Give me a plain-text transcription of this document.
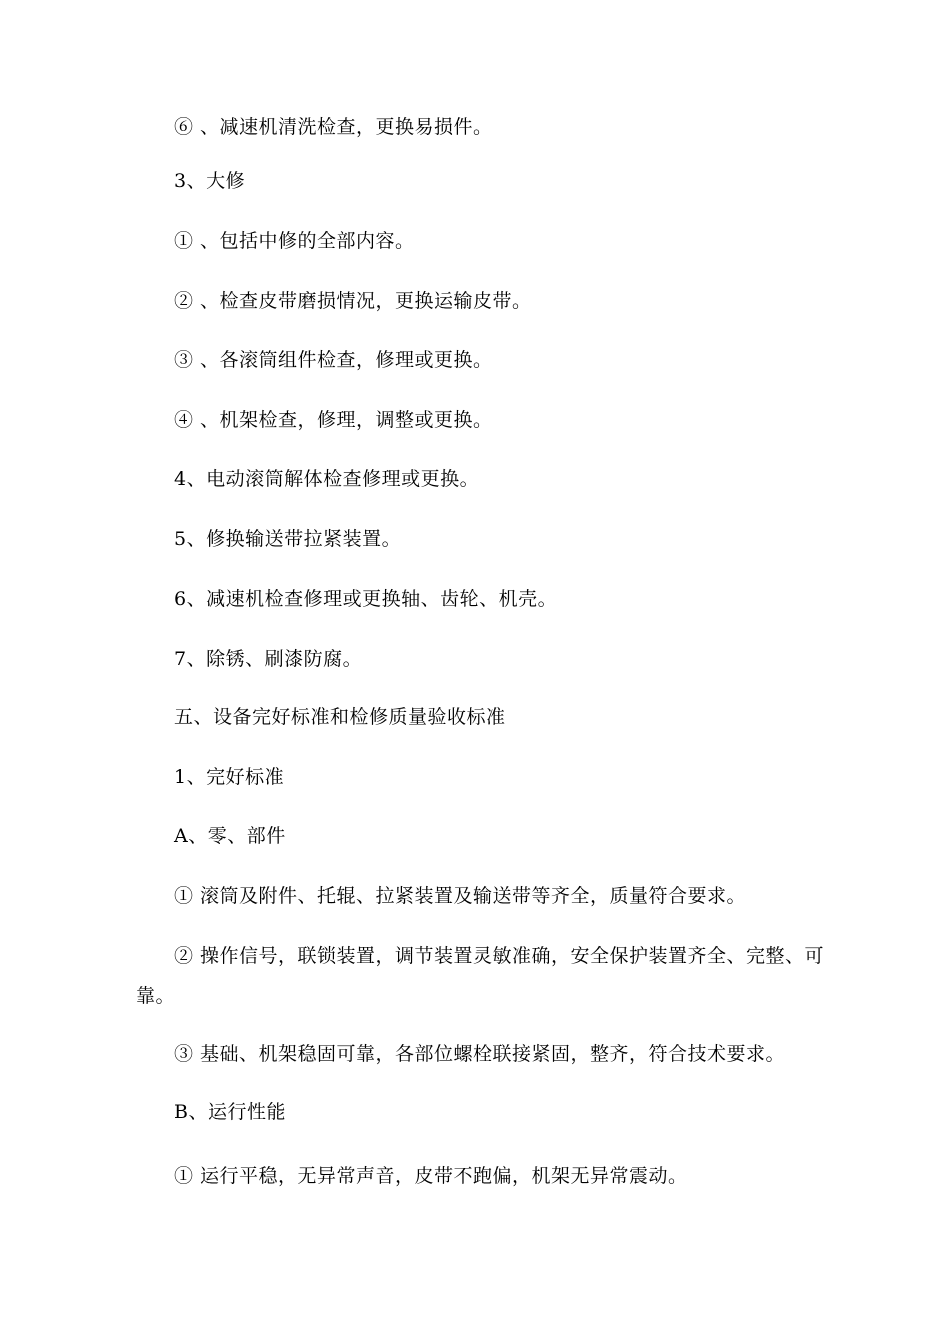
⑥ 、减速机清洗检查，更换易损件。
3、大修
① 、包括中修的全部内容。
② 、检查皮带磨损情况，更换运输皮带。
③ 、各滚筒组件检查，修理或更换。
④ 、机架检查，修理，调整或更换。
4、电动滚筒解体检查修理或更换。
5、修换输送带拉紧装置。
6、减速机检查修理或更换轴、齿轮、机壳。
7、除锈、刷漆防腐。
五、设备完好标准和检修质量验收标准
1、完好标准
A、零、部件
① 滚筒及附件、托辊、拉紧装置及输送带等齐全，质量符合要求。
② 操作信号，联锁装置，调节装置灵敏准确，安全保护装置齐全、完整、可靠。
③ 基础、机架稳固可靠，各部位螺栓联接紧固，整齐，符合技术要求。
B、运行性能
① 运行平稳，无异常声音，皮带不跑偏，机架无异常震动。
